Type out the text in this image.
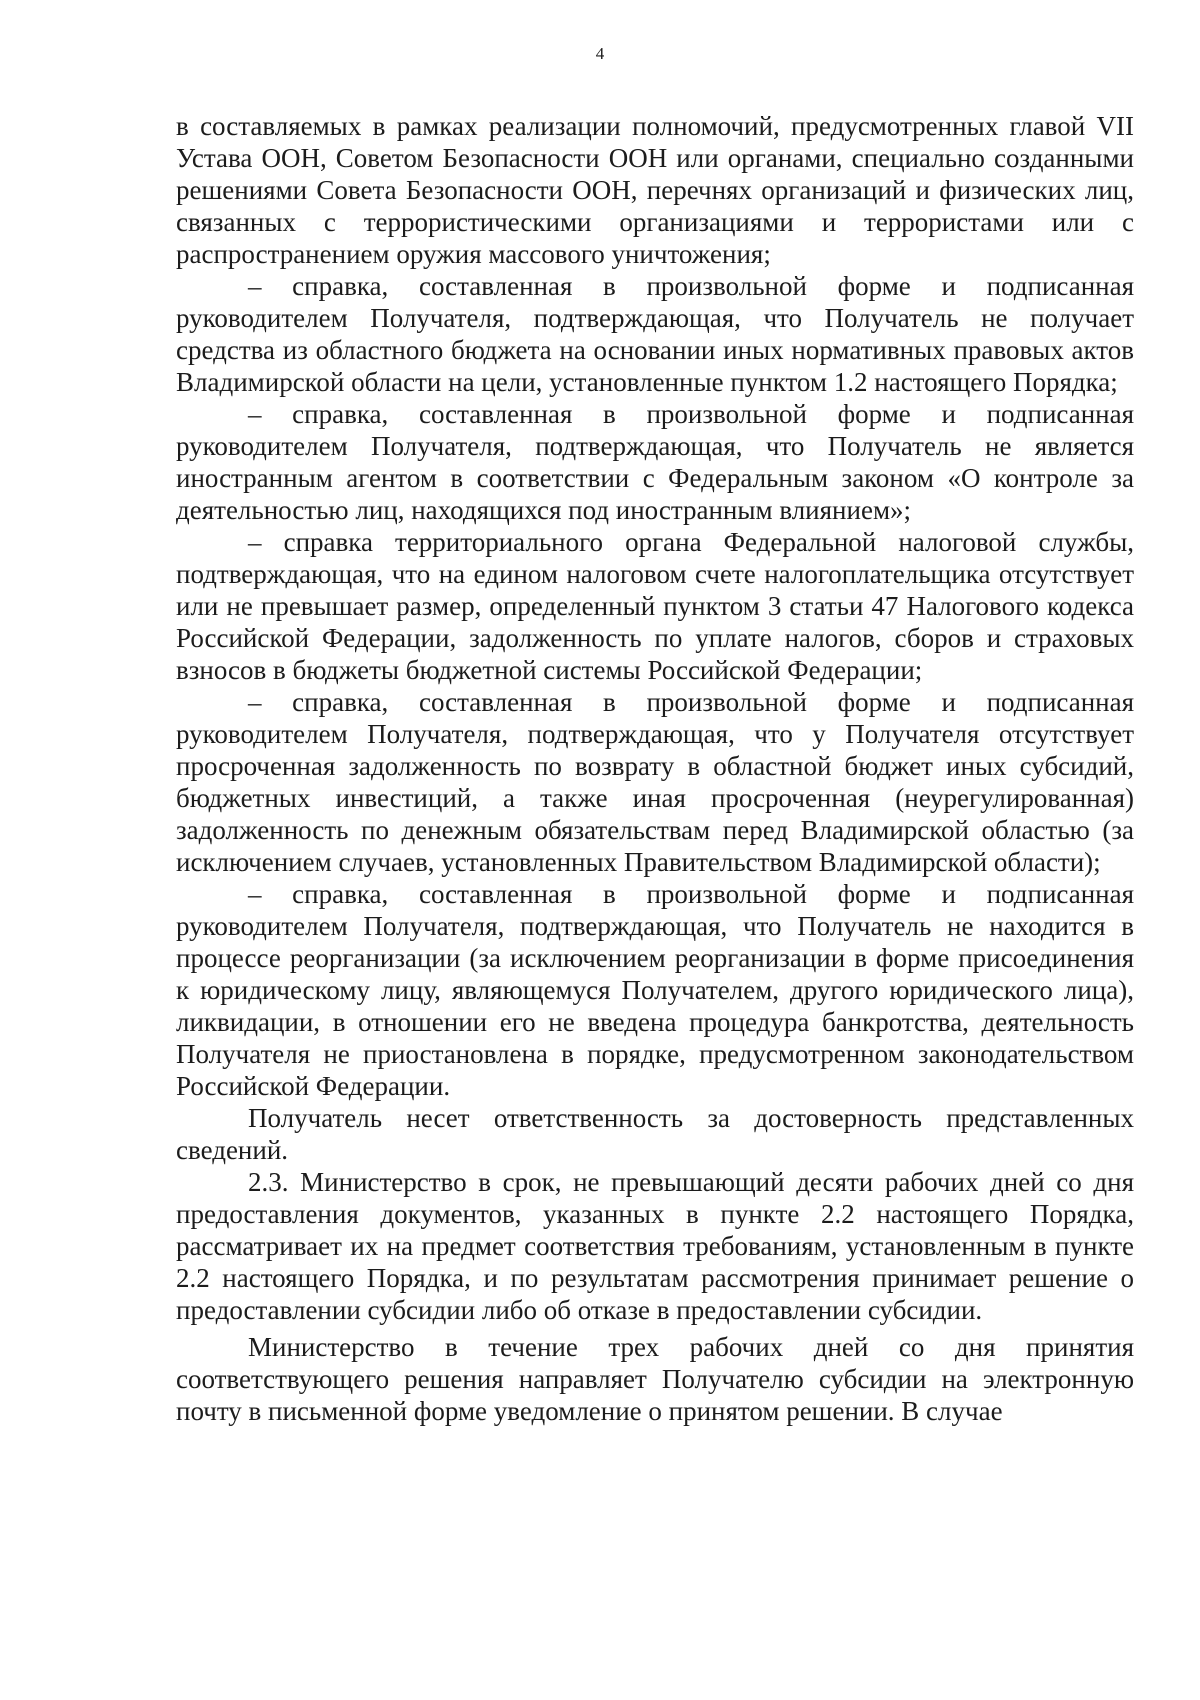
4

в составляемых в рамках реализации полномочий, предусмотренных главой VII Устава ООН, Советом Безопасности ООН или органами, специально созданными решениями Совета Безопасности ООН, перечнях организаций и физических лиц, связанных с террористическими организациями и террористами или с распространением оружия массового уничтожения;

– справка, составленная в произвольной форме и подписанная руководителем Получателя, подтверждающая, что Получатель не получает средства из областного бюджета на основании иных нормативных правовых актов Владимирской области на цели, установленные пунктом 1.2 настоящего Порядка;

– справка, составленная в произвольной форме и подписанная руководителем Получателя, подтверждающая, что Получатель не является иностранным агентом в соответствии с Федеральным законом «О контроле за деятельностью лиц, находящихся под иностранным влиянием»;

– справка территориального органа Федеральной налоговой службы, подтверждающая, что на едином налоговом счете налогоплательщика отсутствует или не превышает размер, определенный пунктом 3 статьи 47 Налогового кодекса Российской Федерации, задолженность по уплате налогов, сборов и страховых взносов в бюджеты бюджетной системы Российской Федерации;

– справка, составленная в произвольной форме и подписанная руководителем Получателя, подтверждающая, что у Получателя отсутствует просроченная задолженность по возврату в областной бюджет иных субсидий, бюджетных инвестиций, а также иная просроченная (неурегулированная) задолженность по денежным обязательствам перед Владимирской областью (за исключением случаев, установленных Правительством Владимирской области);

– справка, составленная в произвольной форме и подписанная руководителем Получателя, подтверждающая, что Получатель не находится в процессе реорганизации (за исключением реорганизации в форме присоединения к юридическому лицу, являющемуся Получателем, другого юридического лица), ликвидации, в отношении его не введена процедура банкротства, деятельность Получателя не приостановлена в порядке, предусмотренном законодательством Российской Федерации.

Получатель несет ответственность за достоверность представленных сведений.

2.3. Министерство в срок, не превышающий десяти рабочих дней со дня предоставления документов, указанных в пункте 2.2 настоящего Порядка, рассматривает их на предмет соответствия требованиям, установленным в пункте 2.2 настоящего Порядка, и по результатам рассмотрения принимает решение о предоставлении субсидии либо об отказе в предоставлении субсидии.

Министерство в течение трех рабочих дней со дня принятия соответствующего решения направляет Получателю субсидии на электронную почту в письменной форме уведомление о принятом решении. В случае
